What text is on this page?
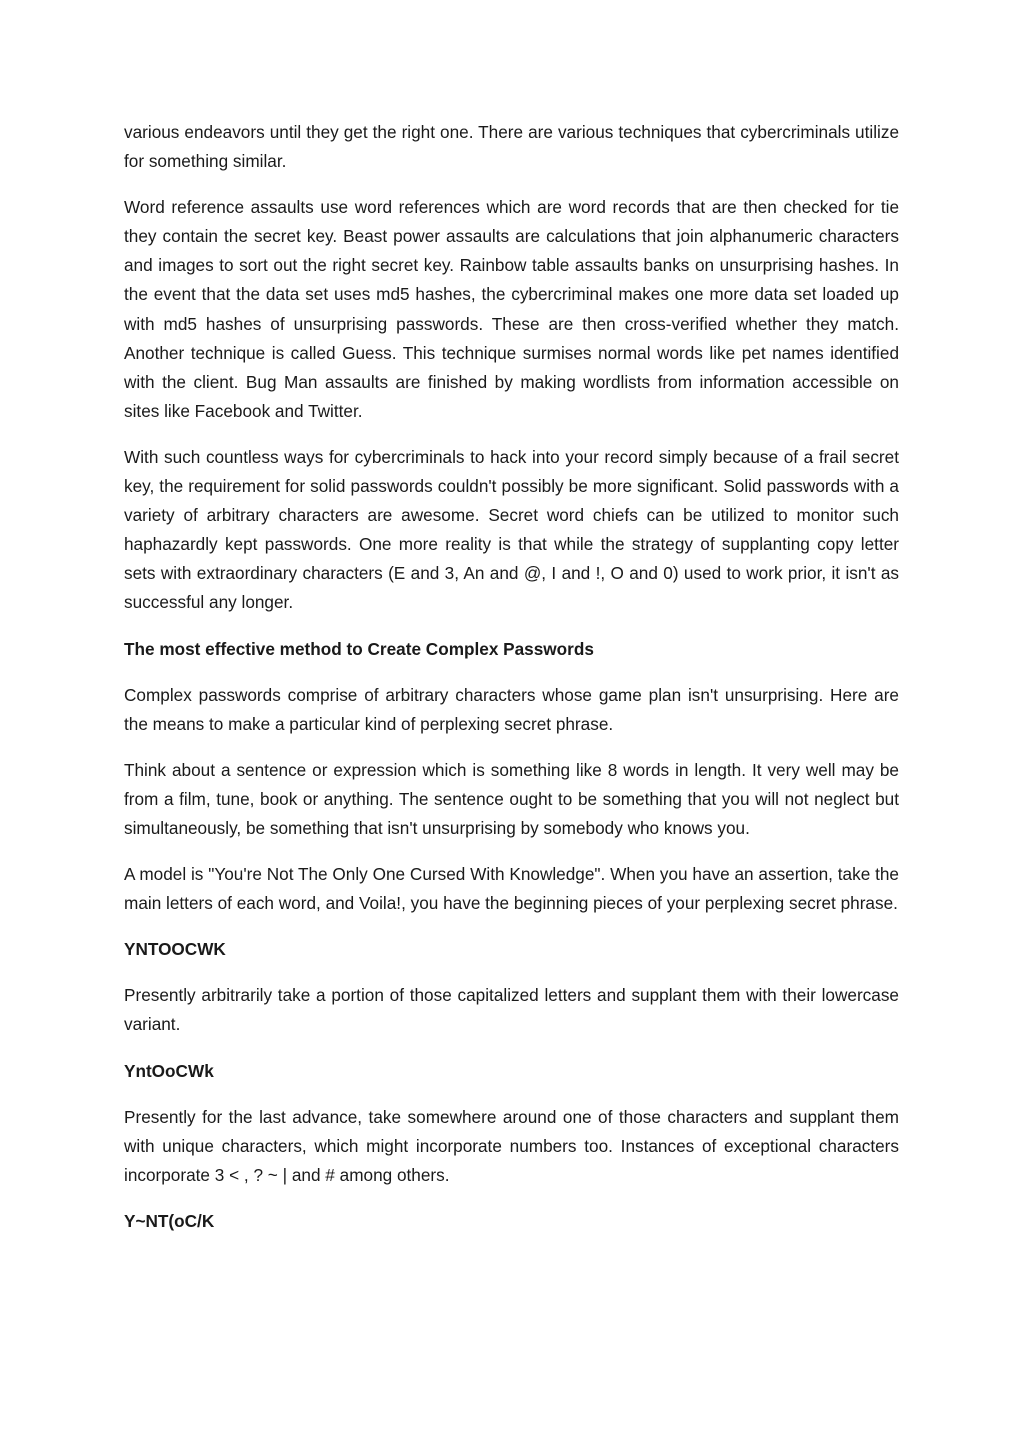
various endeavors until they get the right one. There are various techniques that cybercriminals utilize for something similar.

Word reference assaults use word references which are word records that are then checked for tie they contain the secret key. Beast power assaults are calculations that join alphanumeric characters and images to sort out the right secret key. Rainbow table assaults banks on unsurprising hashes. In the event that the data set uses md5 hashes, the cybercriminal makes one more data set loaded up with md5 hashes of unsurprising passwords. These are then cross-verified whether they match. Another technique is called Guess. This technique surmises normal words like pet names identified with the client. Bug Man assaults are finished by making wordlists from information accessible on sites like Facebook and Twitter.

With such countless ways for cybercriminals to hack into your record simply because of a frail secret key, the requirement for solid passwords couldn't possibly be more significant. Solid passwords with a variety of arbitrary characters are awesome. Secret word chiefs can be utilized to monitor such haphazardly kept passwords. One more reality is that while the strategy of supplanting copy letter sets with extraordinary characters (E and 3, An and @, I and !, O and 0) used to work prior, it isn't as successful any longer.

The most effective method to Create Complex Passwords

Complex passwords comprise of arbitrary characters whose game plan isn't unsurprising. Here are the means to make a particular kind of perplexing secret phrase.

Think about a sentence or expression which is something like 8 words in length. It very well may be from a film, tune, book or anything. The sentence ought to be something that you will not neglect but simultaneously, be something that isn't unsurprising by somebody who knows you.

A model is "You're Not The Only One Cursed With Knowledge". When you have an assertion, take the main letters of each word, and Voila!, you have the beginning pieces of your perplexing secret phrase.

YNTOOCWK

Presently arbitrarily take a portion of those capitalized letters and supplant them with their lowercase variant.

YntOoCWk

Presently for the last advance, take somewhere around one of those characters and supplant them with unique characters, which might incorporate numbers too. Instances of exceptional characters incorporate 3 < , ? ~ | and # among others.

Y~NT(oC/K
